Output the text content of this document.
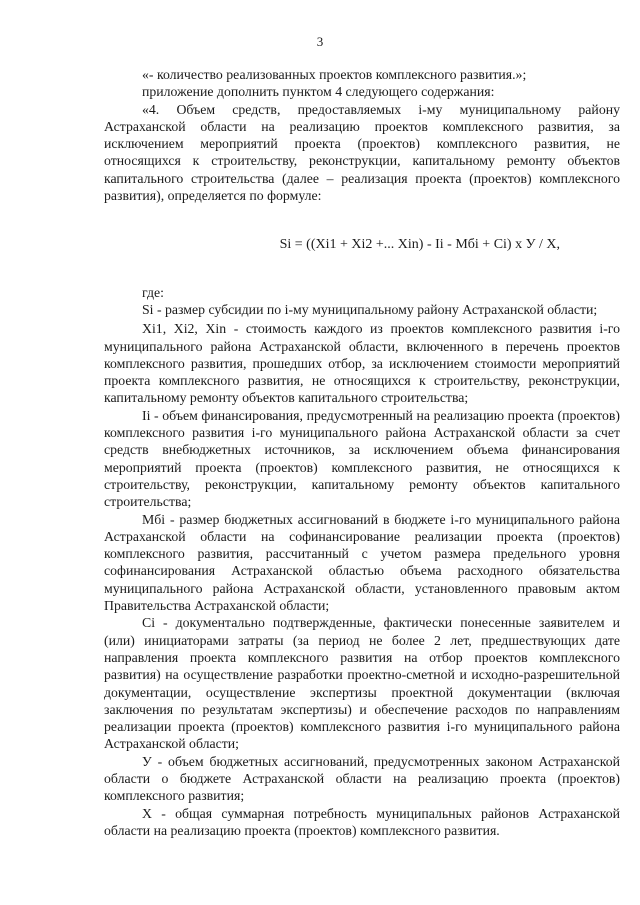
3

«- количество реализованных проектов комплексного развития.»;

приложение дополнить пунктом 4 следующего содержания:

«4. Объем средств, предоставляемых i-му муниципальному району Астраханской области на реализацию проектов комплексного развития, за исключением мероприятий проекта (проектов) комплексного развития, не относящихся к строительству, реконструкции, капитальному ремонту объектов капитального строительства (далее – реализация проекта (проектов) комплексного развития), определяется по формуле:

Si = ((Xi1 + Xi2 +... Xin) - Ii - Mбi + Ci) x У / Х,

где:

Si - размер субсидии по i-му муниципальному району Астраханской области;

Xi1, Xi2, Xin - стоимость каждого из проектов комплексного развития i-го муниципального района Астраханской области, включенного в перечень проектов комплексного развития, прошедших отбор, за исключением стоимости мероприятий проекта комплексного развития, не относящихся к строительству, реконструкции, капитальному ремонту объектов капитального строительства;

Ii - объем финансирования, предусмотренный на реализацию проекта (проектов) комплексного развития i-го муниципального района Астраханской области за счет средств внебюджетных источников, за исключением объема финансирования мероприятий проекта (проектов) комплексного развития, не относящихся к строительству, реконструкции, капитальному ремонту объектов капитального строительства;

Mбi - размер бюджетных ассигнований в бюджете i-го муниципального района Астраханской области на софинансирование реализации проекта (проектов) комплексного развития, рассчитанный с учетом размера предельного уровня софинансирования Астраханской областью объема расходного обязательства муниципального района Астраханской области, установленного правовым актом Правительства Астраханской области;

Ci - документально подтвержденные, фактически понесенные заявителем и (или) инициаторами затраты (за период не более 2 лет, предшествующих дате направления проекта комплексного развития на отбор проектов комплексного развития) на осуществление разработки проектно-сметной и исходно-разрешительной документации, осуществление экспертизы проектной документации (включая заключения по результатам экспертизы) и обеспечение расходов по направлениям реализации проекта (проектов) комплексного развития i-го муниципального района Астраханской области;

У - объем бюджетных ассигнований, предусмотренных законом Астраханской области о бюджете Астраханской области на реализацию проекта (проектов) комплексного развития;

Х - общая суммарная потребность муниципальных районов Астраханской области на реализацию проекта (проектов) комплексного развития.
